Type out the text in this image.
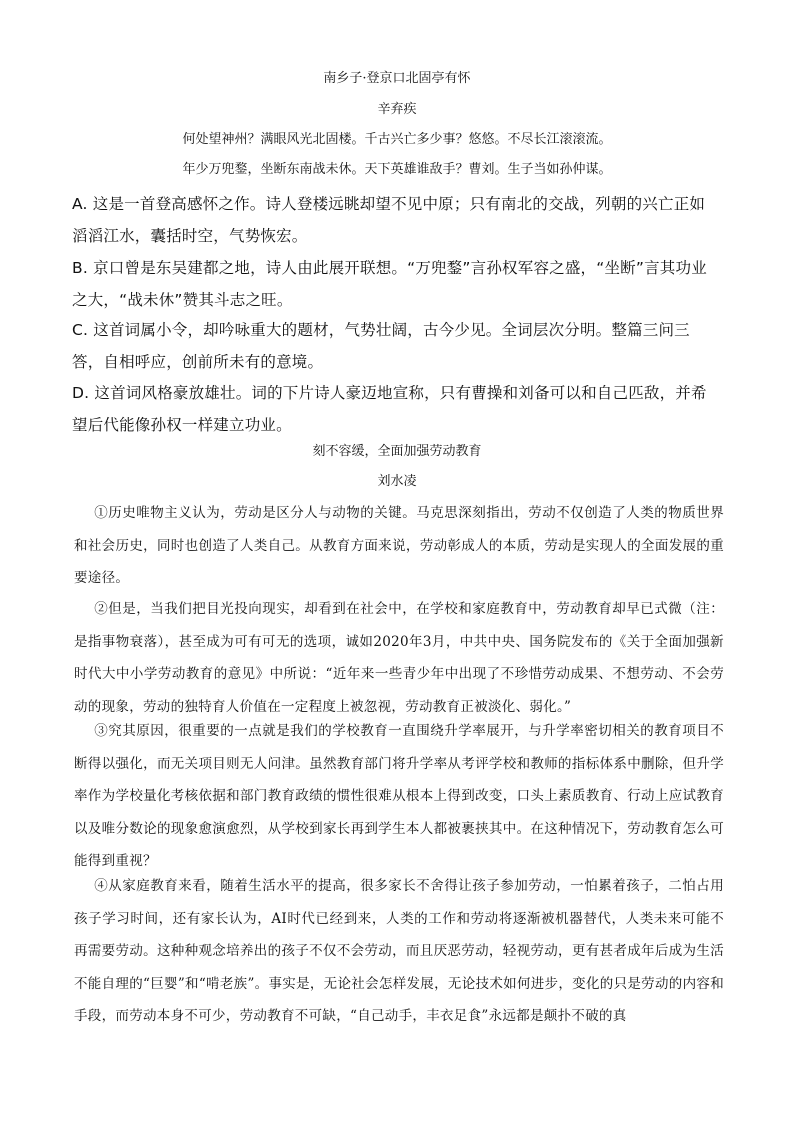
南乡子·登京口北固亭有怀
辛弃疾
何处望神州？满眼风光北固楼。千古兴亡多少事？悠悠。不尽长江滚滚流。
年少万兜鍪，坐断东南战未休。天下英雄谁敌手？曹刘。生子当如孙仲谋。
A. 这是一首登高感怀之作。诗人登楼远眺却望不见中原；只有南北的交战，列朝的兴亡正如滔滔江水，囊括时空，气势恢宏。
B. 京口曾是东吴建都之地，诗人由此展开联想。“万兜鍪”言孙权军容之盛，“坐断”言其功业之大，“战未休”赞其斗志之旺。
C. 这首词属小令，却吟咏重大的题材，气势壮阔，古今少见。全词层次分明。整篇三问三答，自相呼应，创前所未有的意境。
D. 这首词风格豪放雄壮。词的下片诗人豪迈地宣称，只有曹操和刘备可以和自己匹敌，并希望后代能像孙权一样建立功业。
刻不容缓，全面加强劳动教育
刘水凌
①历史唯物主义认为，劳动是区分人与动物的关键。马克思深刻指出，劳动不仅创造了人类的物质世界和社会历史，同时也创造了人类自己。从教育方面来说，劳动彰成人的本质，劳动是实现人的全面发展的重要途径。
②但是，当我们把目光投向现实，却看到在社会中，在学校和家庭教育中，劳动教育却早已式微（注：是指事物衰落），甚至成为可有可无的选项，诚如2020年3月，中共中央、国务院发布的《关于全面加强新时代大中小学劳动教育的意见》中所说：“近年来一些青少年中出现了不珍惜劳动成果、不想劳动、不会劳动的现象，劳动的独特育人价值在一定程度上被忽视，劳动教育正被淡化、弱化。”
③究其原因，很重要的一点就是我们的学校教育一直围绕升学率展开，与升学率密切相关的教育项目不断得以强化，而无关项目则无人问津。虽然教育部门将升学率从考评学校和教师的指标体系中删除，但升学率作为学校量化考核依据和部门教育政绩的惯性很难从根本上得到改变，口头上素质教育、行动上应试教育以及唯分数论的现象愈演愈烈，从学校到家长再到学生本人都被裹挟其中。在这种情况下，劳动教育怎么可能得到重视？
④从家庭教育来看，随着生活水平的提高，很多家长不舍得让孩子参加劳动，一怕累着孩子，二怕占用孩子学习时间，还有家长认为，AI时代已经到来，人类的工作和劳动将逐渐被机器替代，人类未来可能不再需要劳动。这种种观念培养出的孩子不仅不会劳动，而且厌恶劳动，轻视劳动，更有甚者成年后成为生活不能自理的“巨婴”和“啃老族”。事实是，无论社会怎样发展，无论技术如何进步，变化的只是劳动的内容和手段，而劳动本身不可少，劳动教育不可缺，“自己动手，丰衣足食”永远都是颠扑不破的真
